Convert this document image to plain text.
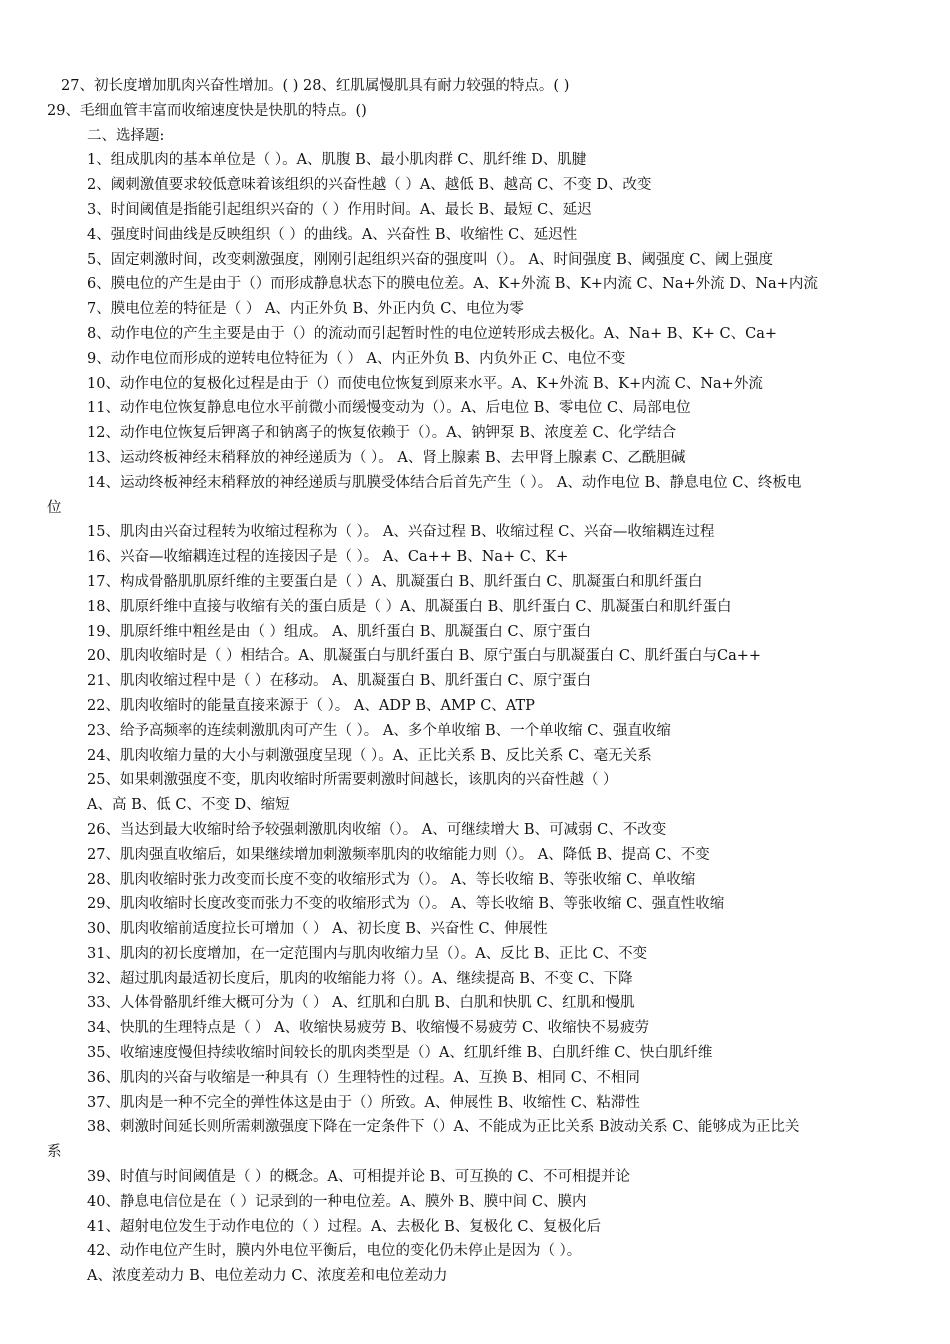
27、初长度增加肌肉兴奋性增加。( ) 28、红肌属慢肌具有耐力较强的特点。( )
29、毛细血管丰富而收缩速度快是快肌的特点。()
二、选择题:
1、组成肌肉的基本单位是（ ）。A、肌腹 B、最小肌肉群 C、肌纤维 D、肌腱
2、阈刺激值要求较低意味着该组织的兴奋性越（ ）A、越低 B、越高 C、不变 D、改变
3、时间阈值是指能引起组织兴奋的（ ）作用时间。A、最长 B、最短 C、延迟
4、强度时间曲线是反映组织（ ）的曲线。A、兴奋性 B、收缩性 C、延迟性
5、固定刺激时间，改变刺激强度，刚刚引起组织兴奋的强度叫（）。 A、时间强度 B、阈强度 C、阈上强度
6、膜电位的产生是由于（）而形成静息状态下的膜电位差。A、K+外流 B、K+内流 C、Na+外流 D、Na+内流
7、膜电位差的特征是（ ） A、内正外负 B、外正内负 C、电位为零
8、动作电位的产生主要是由于（）的流动而引起暂时性的电位逆转形成去极化。A、Na+ B、K+ C、Ca+
9、动作电位而形成的逆转电位特征为（ ） A、内正外负 B、内负外正 C、电位不变
10、动作电位的复极化过程是由于（）而使电位恢复到原来水平。A、K+外流 B、K+内流 C、Na+外流
11、动作电位恢复静息电位水平前微小而缓慢变动为（）。A、后电位 B、零电位 C、局部电位
12、动作电位恢复后钾离子和钠离子的恢复依赖于（）。A、钠钾泵 B、浓度差 C、化学结合
13、运动终板神经末稍释放的神经递质为（ ）。 A、肾上腺素 B、去甲肾上腺素 C、乙酰胆碱
14、运动终板神经末稍释放的神经递质与肌膜受体结合后首先产生（ ）。 A、动作电位 B、静息电位 C、终板电
位
15、肌肉由兴奋过程转为收缩过程称为（ ）。 A、兴奋过程 B、收缩过程 C、兴奋—收缩耦连过程
16、兴奋—收缩耦连过程的连接因子是（ ）。 A、Ca++ B、Na+ C、K+
17、构成骨骼肌肌原纤维的主要蛋白是（ ）A、肌凝蛋白 B、肌纤蛋白 C、肌凝蛋白和肌纤蛋白
18、肌原纤维中直接与收缩有关的蛋白质是（ ）A、肌凝蛋白 B、肌纤蛋白 C、肌凝蛋白和肌纤蛋白
19、肌原纤维中粗丝是由（ ）组成。 A、肌纤蛋白 B、肌凝蛋白 C、原宁蛋白
20、肌肉收缩时是（ ）相结合。A、肌凝蛋白与肌纤蛋白 B、原宁蛋白与肌凝蛋白 C、肌纤蛋白与Ca++
21、肌肉收缩过程中是（ ）在移动。 A、肌凝蛋白 B、肌纤蛋白 C、原宁蛋白
22、肌肉收缩时的能量直接来源于（ ）。 A、ADP B、AMP C、ATP
23、给予高频率的连续刺激肌肉可产生（ ）。 A、多个单收缩 B、一个单收缩 C、强直收缩
24、肌肉收缩力量的大小与刺激强度呈现（ ）。A、正比关系 B、反比关系 C、毫无关系
25、如果刺激强度不变，肌肉收缩时所需要刺激时间越长，该肌肉的兴奋性越（ ）
A、高 B、低 C、不变 D、缩短
26、当达到最大收缩时给予较强刺激肌肉收缩（）。 A、可继续增大 B、可减弱 C、不改变
27、肌肉强直收缩后，如果继续增加刺激频率肌肉的收缩能力则（）。 A、降低 B、提高 C、不变
28、肌肉收缩时张力改变而长度不变的收缩形式为（）。 A、等长收缩 B、等张收缩 C、单收缩
29、肌肉收缩时长度改变而张力不变的收缩形式为（）。 A、等长收缩 B、等张收缩 C、强直性收缩
30、肌肉收缩前适度拉长可增加（ ） A、初长度 B、兴奋性 C、伸展性
31、肌肉的初长度增加，在一定范围内与肌肉收缩力呈（）。A、反比 B、正比 C、不变
32、超过肌肉最适初长度后，肌肉的收缩能力将（）。A、继续提高 B、不变 C、下降
33、人体骨骼肌纤维大概可分为（ ） A、红肌和白肌 B、白肌和快肌 C、红肌和慢肌
34、快肌的生理特点是（ ） A、收缩快易疲劳 B、收缩慢不易疲劳 C、收缩快不易疲劳
35、收缩速度慢但持续收缩时间较长的肌肉类型是（）A、红肌纤维 B、白肌纤维 C、快白肌纤维
36、肌肉的兴奋与收缩是一种具有（）生理特性的过程。A、互换 B、相同 C、不相同
37、肌肉是一种不完全的弹性体这是由于（）所致。A、伸展性 B、收缩性 C、粘滞性
38、刺激时间延长则所需刺激强度下降在一定条件下（）A、不能成为正比关系 B波动关系 C、能够成为正比关
系
39、时值与时间阈值是（ ）的概念。A、可相提并论 B、可互换的 C、不可相提并论
40、静息电信位是在（ ）记录到的一种电位差。A、膜外 B、膜中间 C、膜内
41、超射电位发生于动作电位的（ ）过程。A、去极化 B、复极化 C、复极化后
42、动作电位产生时，膜内外电位平衡后，电位的变化仍未停止是因为（ ）。
A、浓度差动力 B、电位差动力 C、浓度差和电位差动力
